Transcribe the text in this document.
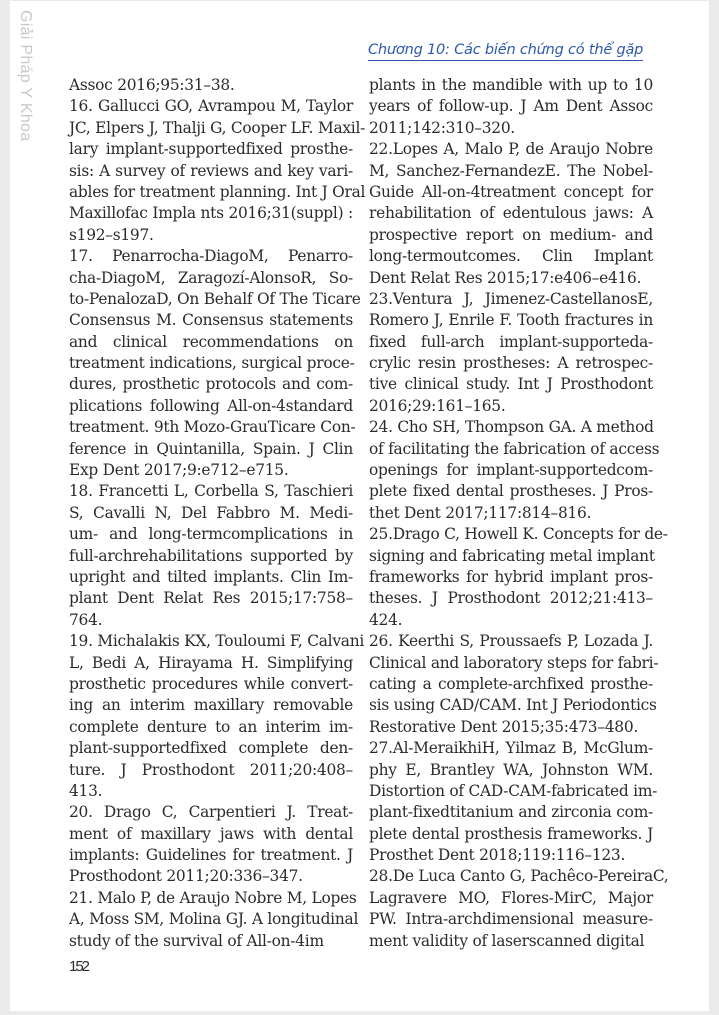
Giải Pháp Y Khoa	Chương 10: Các biến chứng có thể gặp
Assoc 2016;95:31–38.
16. Gallucci GO, Avrampou M, Taylor
JC, Elpers J, Thalji G, Cooper LF. Maxil-
lary implant-supportedfixed prosthe-
sis: A survey of reviews and key vari-
ables for treatment planning. Int J Oral
Maxillofac Impla nts 2016;31(suppl) :
s192–s197.
17. Penarrocha-DiagoM, Penarro-
cha-DiagoM, Zaragozí-AlonsoR, So-
to-PenalozaD, On Behalf Of The Ticare
Consensus M. Consensus statements
and clinical recommendations on
treatment indications, surgical proce-
dures, prosthetic protocols and com-
plications following All-on-4standard
treatment. 9th Mozo-GrauTicare Con-
ference in Quintanilla, Spain. J Clin
Exp Dent 2017;9:e712–e715.
18. Francetti L, Corbella S, Taschieri
S, Cavalli N, Del Fabbro M. Medi-
um- and long-termcomplications in
full-archrehabilitations supported by
upright and tilted implants. Clin Im-
plant Dent Relat Res 2015;17:758–
764.
19. Michalakis KX, Touloumi F, Calvani
L, Bedi A, Hirayama H. Simplifying
prosthetic procedures while convert-
ing an interim maxillary removable
complete denture to an interim im-
plant-supportedfixed complete den-
ture. J Prosthodont 2011;20:408–
413.
20. Drago C, Carpentieri J. Treat-
ment of maxillary jaws with dental
implants: Guidelines for treatment. J
Prosthodont 2011;20:336–347.
21. Malo P, de Araujo Nobre M, Lopes
A, Moss SM, Molina GJ. A longitudinal
study of the survival of All-on-4im
plants in the mandible with up to 10
years of follow-up. J Am Dent Assoc
2011;142:310–320.
22.Lopes A, Malo P, de Araujo Nobre
M, Sanchez-FernandezE. The Nobel-
Guide All-on-4treatment concept for
rehabilitation of edentulous jaws: A
prospective report on medium- and
long-termoutcomes. Clin Implant
Dent Relat Res 2015;17:e406–e416.
23.Ventura J, Jimenez-CastellanosE,
Romero J, Enrile F. Tooth fractures in
fixed full-arch implant-supporteda-
crylic resin prostheses: A retrospec-
tive clinical study. Int J Prosthodont
2016;29:161–165.
24. Cho SH, Thompson GA. A method
of facilitating the fabrication of access
openings for implant-supportedcom-
plete fixed dental prostheses. J Pros-
thet Dent 2017;117:814–816.
25.Drago C, Howell K. Concepts for de-
signing and fabricating metal implant
frameworks for hybrid implant pros-
theses. J Prosthodont 2012;21:413–
424.
26. Keerthi S, Proussaefs P, Lozada J.
Clinical and laboratory steps for fabri-
cating a complete-archfixed prosthe-
sis using CAD/CAM. Int J Periodontics
Restorative Dent 2015;35:473–480.
27.Al-MeraikhiH, Yilmaz B, McGlum-
phy E, Brantley WA, Johnston WM.
Distortion of CAD-CAM-fabricated im-
plant-fixedtitanium and zirconia com-
plete dental prosthesis frameworks. J
Prosthet Dent 2018;119:116–123.
28.De Luca Canto G, Pachêco-PereiraC,
Lagravere MO, Flores-MirC, Major
PW. Intra-archdimensional measure-
ment validity of laserscanned digital
152
